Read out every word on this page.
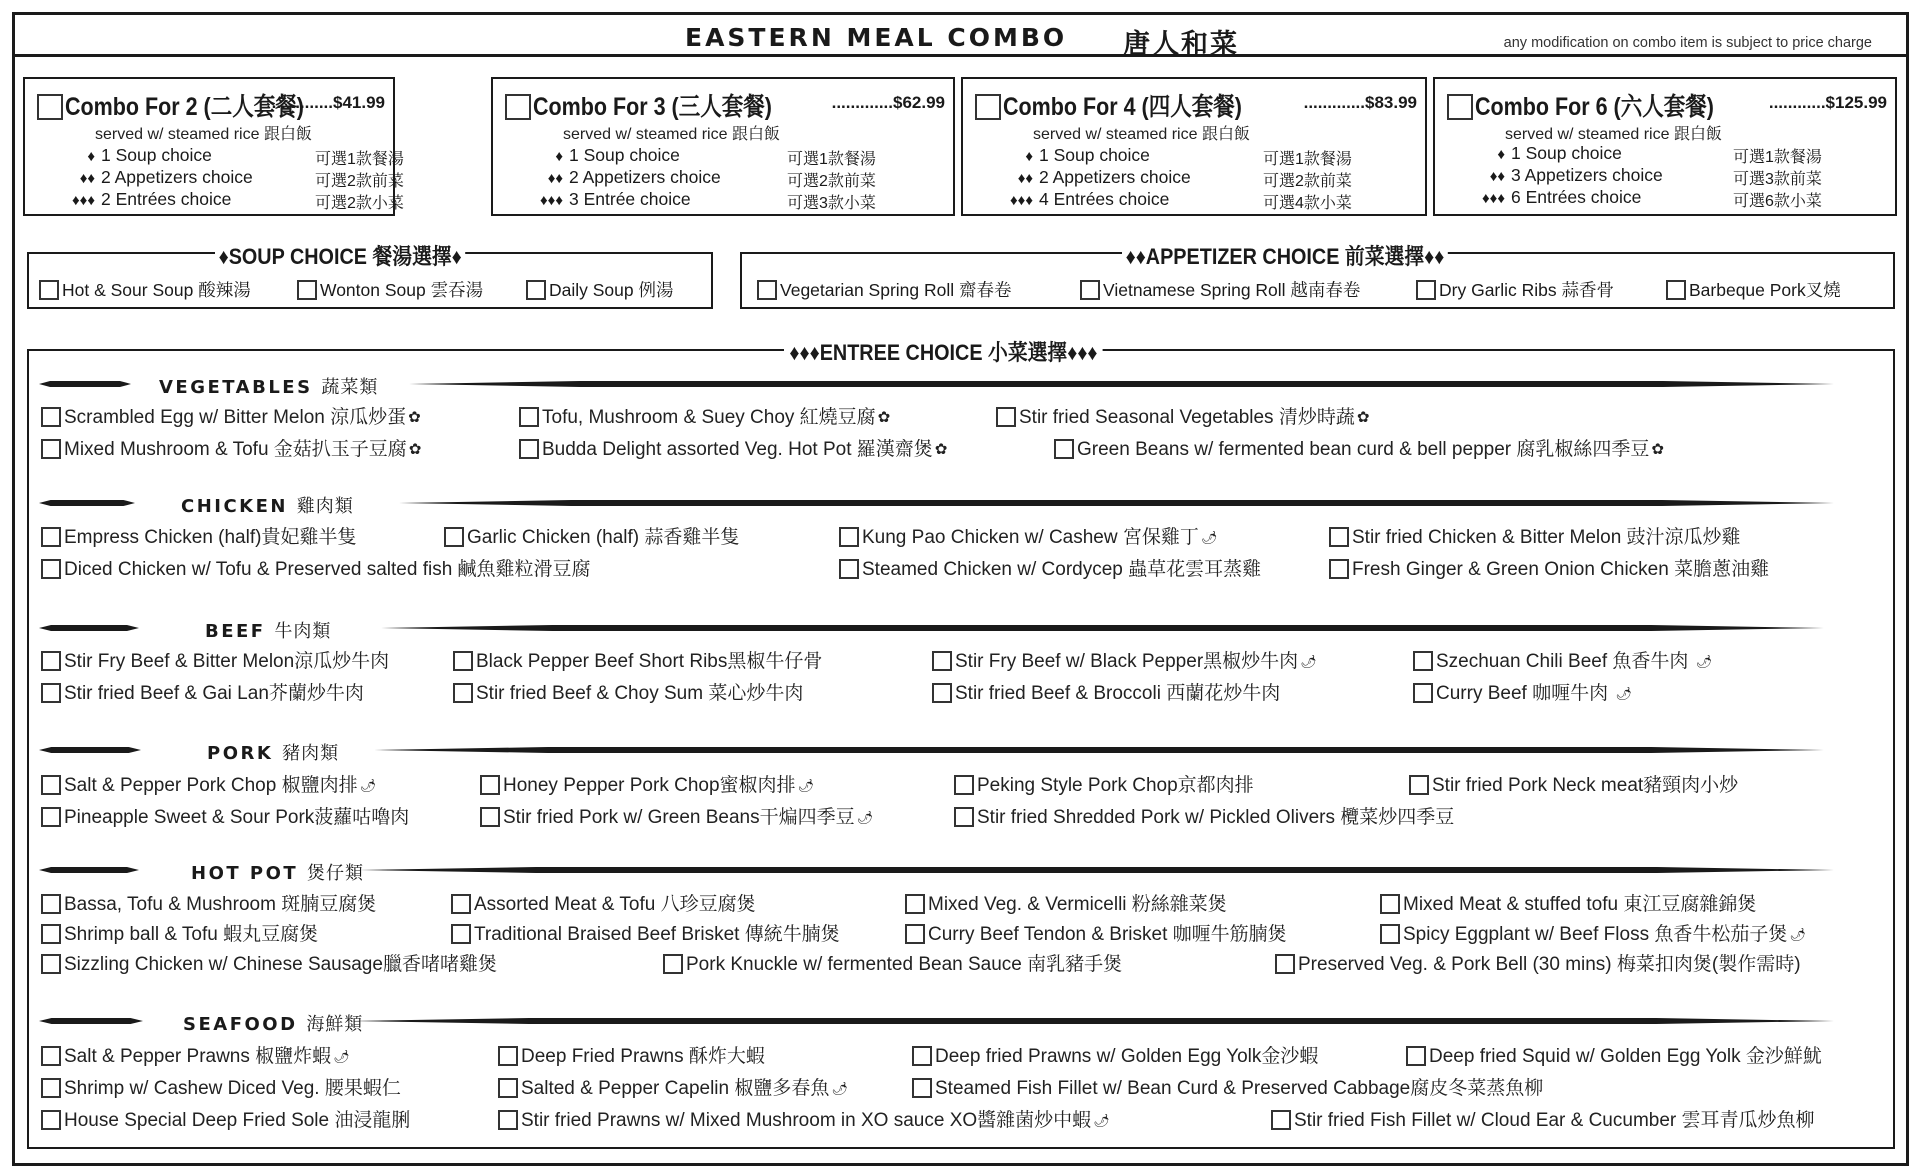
EASTERN MEAL COMBO 唐人和菜	any modification on combo item is subject to price charge
Combo For 2 (二人套餐)
.............$41.99
served w/ steamed rice 跟白飯
♦ 1 Soup choice	可選1款餐湯
♦♦ 2 Appetizers choice	可選2款前菜
♦♦♦ 2 Entrées choice	可選2款小菜
Combo For 3 (三人套餐)	.............$62.99
served w/ steamed rice 跟白飯
♦ 1 Soup choice	可選1款餐湯
♦♦ 2 Appetizers choice	可選2款前菜
♦♦♦ 3 Entrée choice	可選3款小菜
Combo For 4 (四人套餐)	.............$83.99
served w/ steamed rice 跟白飯
♦ 1 Soup choice	可選1款餐湯
♦♦ 2 Appetizers choice	可選2款前菜
♦♦♦ 4 Entrées choice	可選4款小菜
Combo For 6 (六人套餐)	............$125.99
served w/ steamed rice 跟白飯
♦ 1 Soup choice	可選1款餐湯
♦♦ 3 Appetizers choice	可選3款前菜
♦♦♦ 6 Entrées choice	可選6款小菜
♦SOUP CHOICE 餐湯選擇♦
Hot & Sour Soup 酸辣湯	Wonton Soup 雲吞湯	Daily Soup 例湯
♦♦APPETIZER CHOICE 前菜選擇♦♦
Vegetarian Spring Roll 齋春卷	Vietnamese Spring Roll 越南春卷	Dry Garlic Ribs 蒜香骨	Barbeque Pork叉燒
♦♦♦ENTREE CHOICE 小菜選擇♦♦♦
VEGETABLES 蔬菜類
Scrambled Egg w/ Bitter Melon 涼瓜炒蛋 ✿	Tofu, Mushroom & Suey Choy 紅燒豆腐 ✿	Stir fried Seasonal Vegetables 清炒時蔬 ✿
Mixed Mushroom & Tofu 金菇扒玉子豆腐 ✿	Budda Delight assorted Veg. Hot Pot 羅漢齋煲 ✿	Green Beans w/ fermented bean curd & bell pepper 腐乳椒絲四季豆 ✿
CHICKEN 雞肉類
Empress Chicken (half)貴妃雞半隻	Garlic Chicken (half) 蒜香雞半隻	Kung Pao Chicken w/ Cashew 宮保雞丁 🌶	Stir fried Chicken & Bitter Melon 豉汁涼瓜炒雞
Diced Chicken w/ Tofu & Preserved salted fish 鹹魚雞粒滑豆腐	Steamed Chicken w/ Cordycep 蟲草花雲耳蒸雞	Fresh Ginger & Green Onion Chicken 菜膽蔥油雞
BEEF 牛肉類
Stir Fry Beef & Bitter Melon涼瓜炒牛肉	Black Pepper Beef Short Ribs黑椒牛仔骨	Stir Fry Beef w/ Black Pepper黑椒炒牛肉 🌶	Szechuan Chili Beef 魚香牛肉 🌶
Stir fried Beef & Gai Lan芥蘭炒牛肉	Stir fried Beef & Choy Sum 菜心炒牛肉	Stir fried Beef & Broccoli 西蘭花炒牛肉	Curry Beef 咖喱牛肉 🌶
PORK 豬肉類
Salt & Pepper Pork Chop 椒鹽肉排 🌶	Honey Pepper Pork Chop蜜椒肉排 🌶	Peking Style Pork Chop京都肉排	Stir fried Pork Neck meat豬頸肉小炒
Pineapple Sweet & Sour Pork菠蘿咕嚕肉	Stir fried Pork w/ Green Beans干煸四季豆 🌶	Stir fried Shredded Pork w/ Pickled Olivers 欖菜炒四季豆
HOT POT 煲仔類
Bassa, Tofu & Mushroom 斑腩豆腐煲	Assorted Meat & Tofu 八珍豆腐煲	Mixed Veg. & Vermicelli 粉絲雜菜煲	Mixed Meat & stuffed tofu 東江豆腐雜錦煲
Shrimp ball & Tofu 蝦丸豆腐煲	Traditional Braised Beef Brisket 傳統牛腩煲	Curry Beef Tendon & Brisket 咖喱牛筋腩煲	Spicy Eggplant w/ Beef Floss 魚香牛松茄子煲 🌶
Sizzling Chicken w/ Chinese Sausage臘香啫啫雞煲	Pork Knuckle w/ fermented Bean Sauce 南乳豬手煲	Preserved Veg. & Pork Bell (30 mins) 梅菜扣肉煲(製作需時)
SEAFOOD 海鮮類
Salt & Pepper Prawns 椒鹽炸蝦 🌶	Deep Fried Prawns 酥炸大蝦	Deep fried Prawns w/ Golden Egg Yolk金沙蝦	Deep fried Squid w/ Golden Egg Yolk 金沙鮮魷
Shrimp w/ Cashew Diced Veg. 腰果蝦仁	Salted & Pepper Capelin 椒鹽多春魚 🌶	Steamed Fish Fillet w/ Bean Curd & Preserved Cabbage腐皮冬菜蒸魚柳
House Special Deep Fried Sole 油浸龍脷	Stir fried Prawns w/ Mixed Mushroom in XO sauce XO醬雜菌炒中蝦 🌶	Stir fried Fish Fillet w/ Cloud Ear & Cucumber 雲耳青瓜炒魚柳
